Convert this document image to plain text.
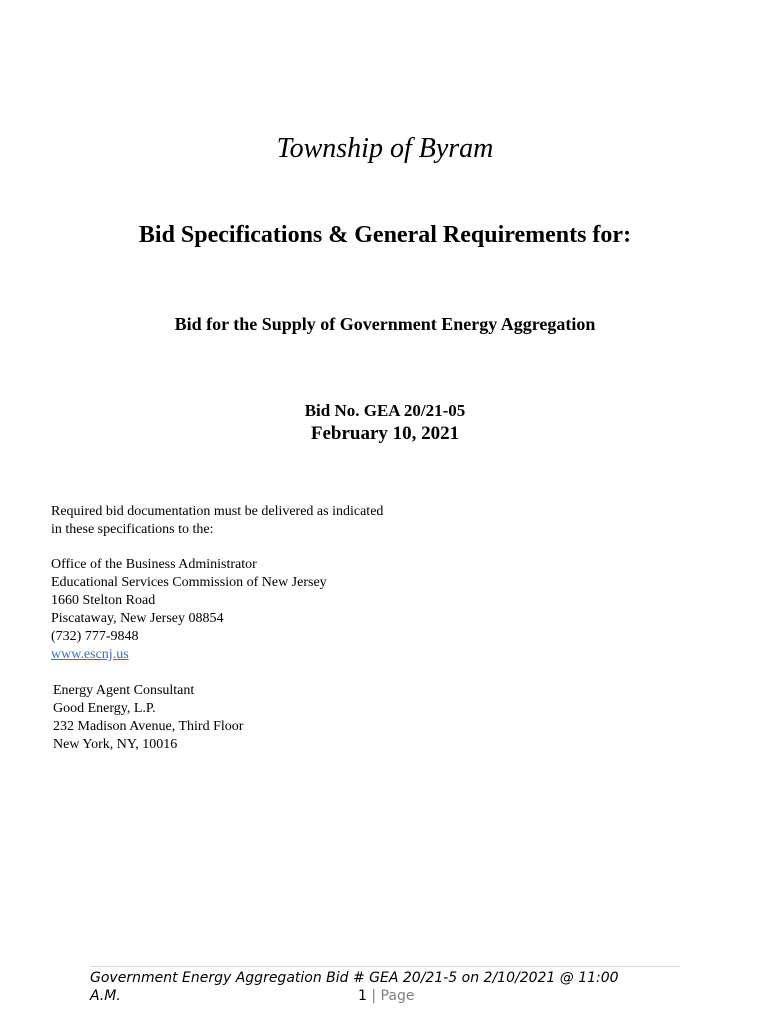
Township of Byram
Bid Specifications & General Requirements for:
Bid for the Supply of Government Energy Aggregation
Bid No. GEA 20/21-05
February 10, 2021
Required bid documentation must be delivered as indicated
in these specifications to the:
Office of the Business Administrator
Educational Services Commission of New Jersey
1660 Stelton Road
Piscataway, New Jersey 08854
(732) 777-9848
www.escnj.us
Energy Agent Consultant
Good Energy, L.P.
232 Madison Avenue, Third Floor
New York, NY, 10016
Government Energy Aggregation Bid # GEA 20/21-5 on 2/10/2021 @ 11:00
A.M.	1 | Page
